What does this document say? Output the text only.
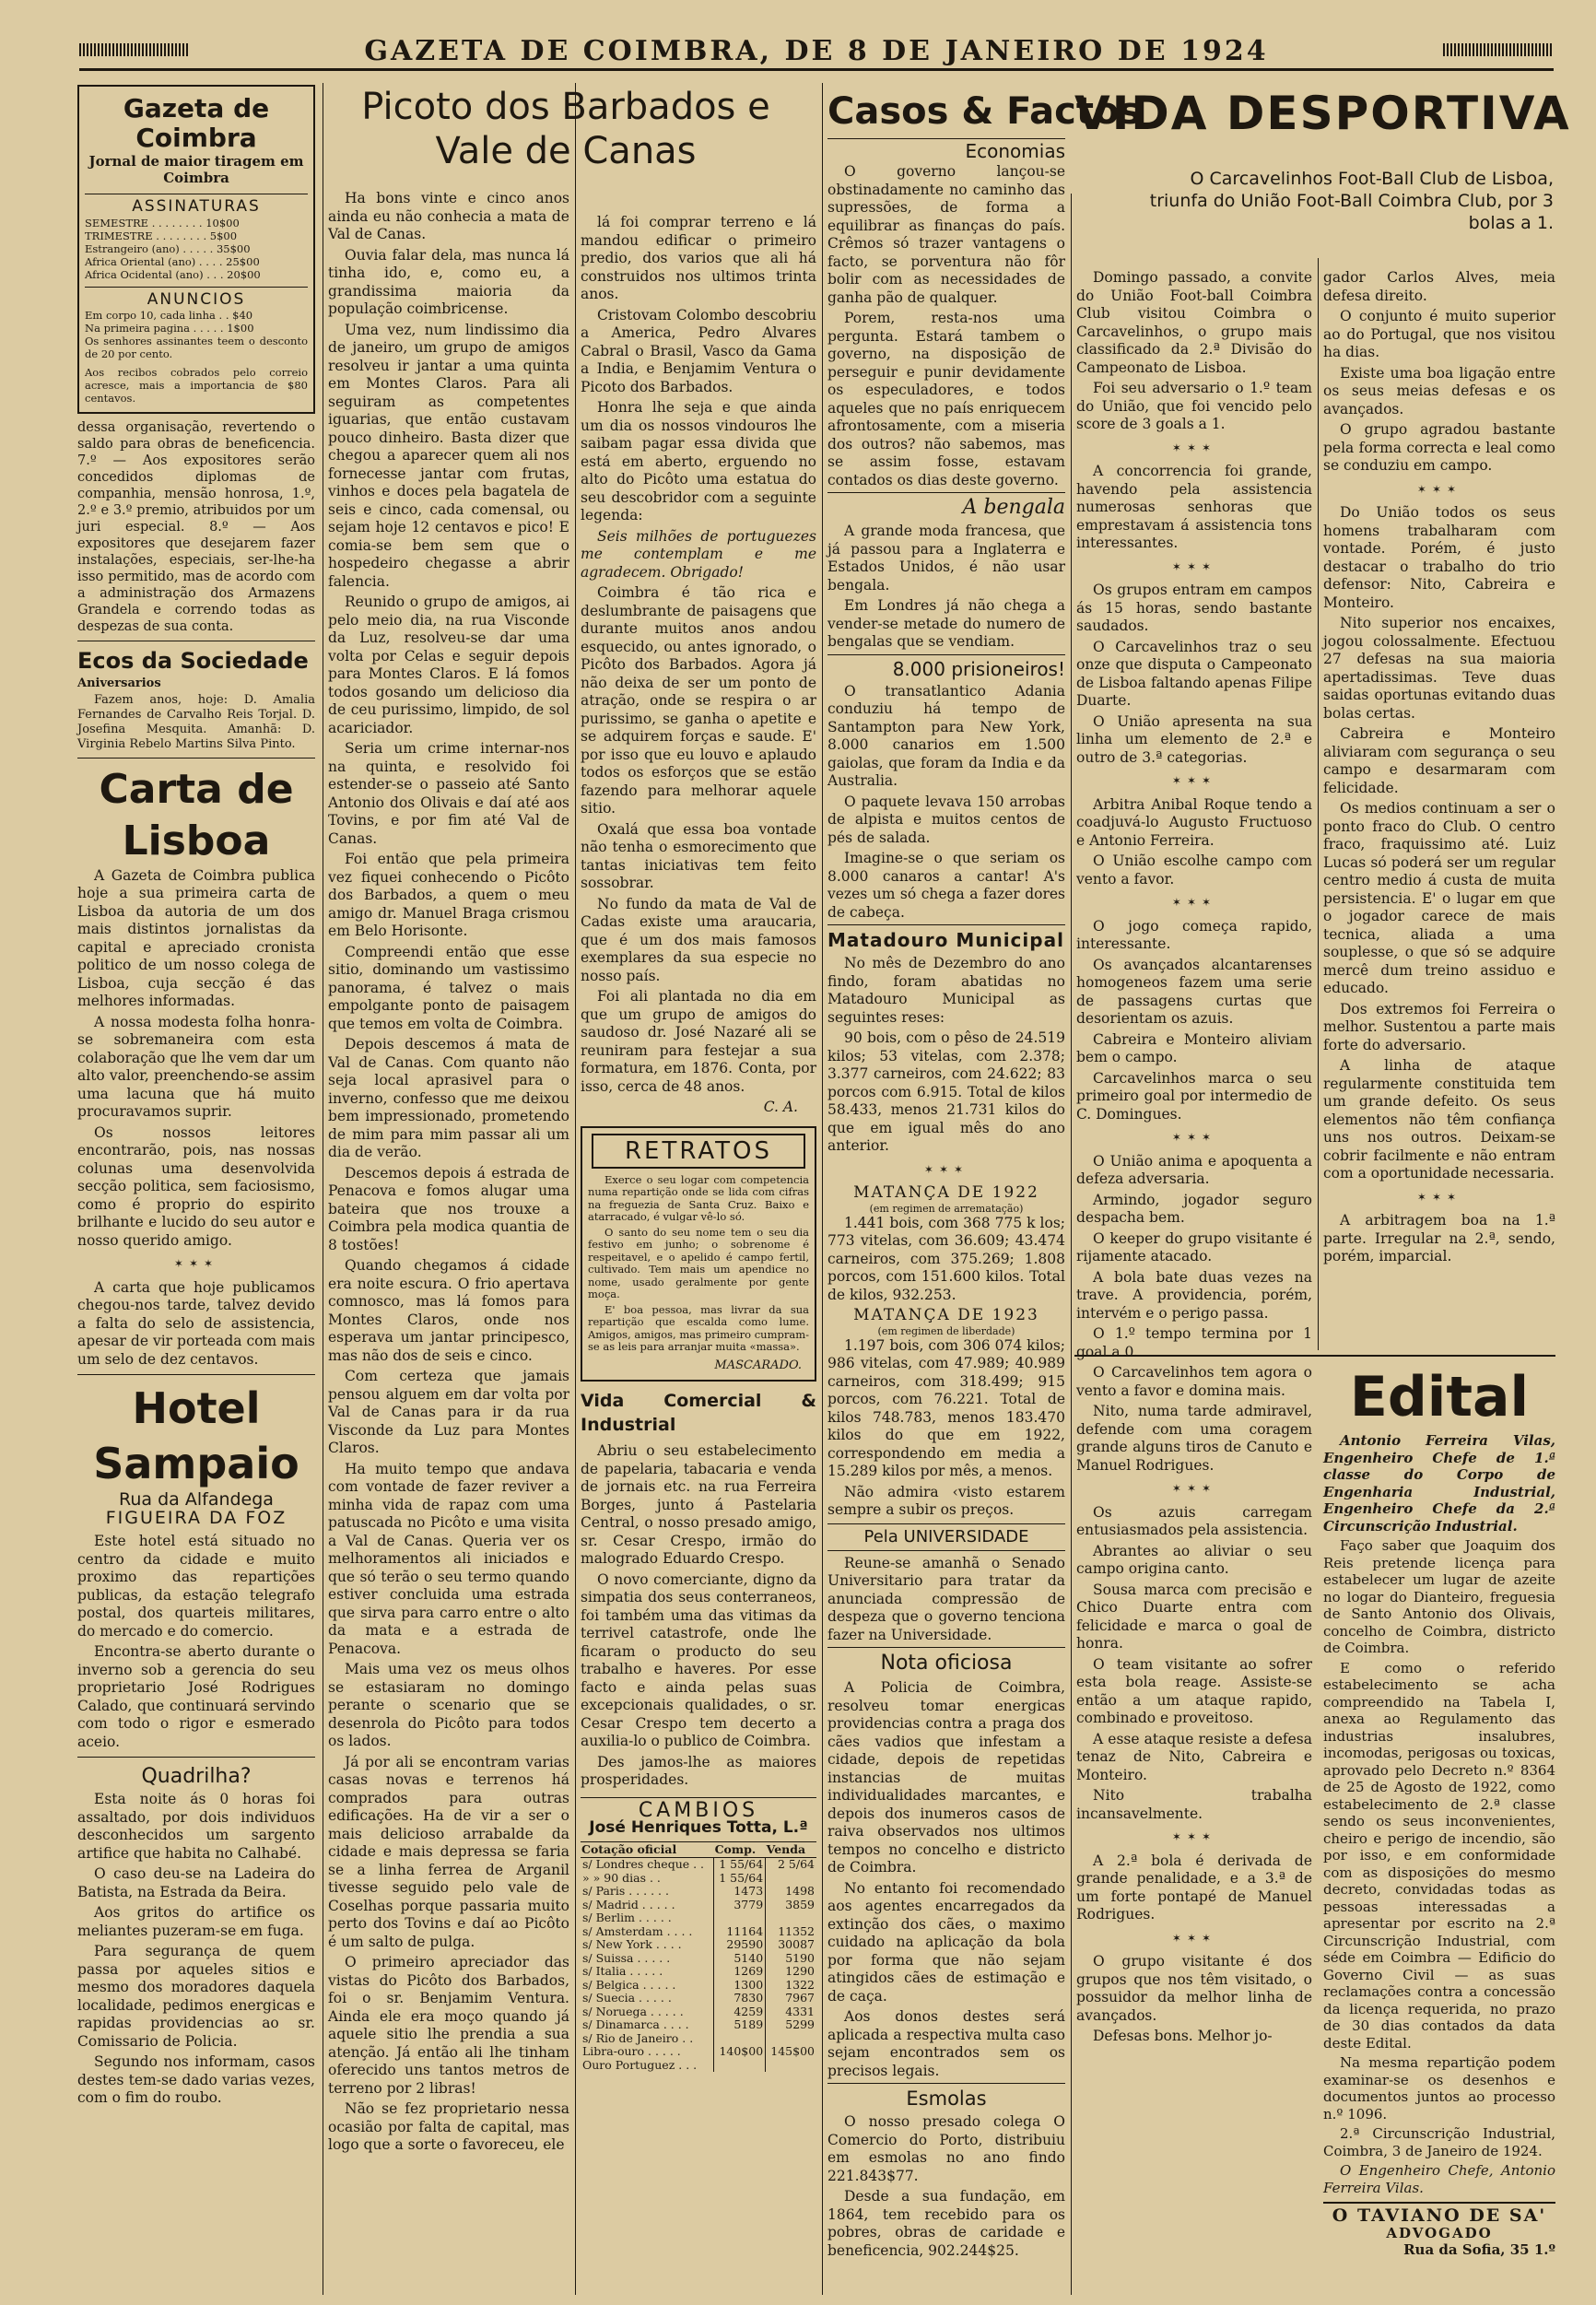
GAZETA DE COIMBRA, DE 8 DE JANEIRO DE 1924
Gazeta de Coimbra
Jornal de maior tiragem em Coimbra
ASSINATURAS
SEMESTRE . . . . . . . . 10$00
TRIMESTRE . . . . . . . . 5$00
Estrangeiro (ano) . . . . . 35$00
Africa Oriental (ano) . . . . 25$00
Africa Ocidental (ano) . . . 20$00
ANUNCIOS
Em corpo 10, cada linha . . $40
Na primeira pagina . . . . . 1$00
Os senhores assinantes teem o desconto de 20 por cento.
Aos recibos cobrados pelo correio acresce, mais a importancia de $80 centavos.

dessa organisação, revertendo o saldo para obras de beneficencia. 7.º — Aos expositores serão concedidos diplomas de companhia, mensão honrosa, 1.º, 2.º e 3.º premio, atribuidos por um juri especial. 8.º — Aos expositores que desejarem fazer instalações, especiais, ser-lhe-ha isso permitido, mas de acordo com a administração dos Armazens Grandela e correndo todas as despezas de sua conta.

Ecos da Sociedade
Aniversarios

Fazem anos, hoje: D. Amalia Fernandes de Carvalho Reis Torjal. D. Josefina Mesquita. Amanhã: D. Virginia Rebelo Martins Silva Pinto.

Carta de Lisboa

A Gazeta de Coimbra publica hoje a sua primeira carta de Lisboa da autoria de um dos mais distintos jornalistas da capital e apreciado cronista politico de um nosso colega de Lisboa, cuja secção é das melhores informadas.

A nossa modesta folha honra-se sobremaneira com esta colaboração que lhe vem dar um alto valor, preenchendo-se assim uma lacuna que há muito procuravamos suprir.

Os nossos leitores encontrarão, pois, nas nossas colunas uma desenvolvida secção politica, sem faciosismo, como é proprio do espirito brilhante e lucido do seu autor e nosso querido amigo.

✶✶✶

A carta que hoje publicamos chegou-nos tarde, talvez devido a falta do selo de assistencia, apesar de vir porteada com mais um selo de dez centavos.

Hotel Sampaio
Rua da Alfandega
FIGUEIRA DA FOZ

Este hotel está situado no centro da cidade e muito proximo das repartições publicas, da estação telegrafo postal, dos quarteis militares, do mercado e do comercio.

Encontra-se aberto durante o inverno sob a gerencia do seu proprietario José Rodrigues Calado, que continuará servindo com todo o rigor e esmerado aceio.

Quadrilha?

Esta noite ás 0 horas foi assaltado, por dois individuos desconhecidos um sargento artifice que habita no Calhabé.

O caso deu-se na Ladeira do Batista, na Estrada da Beira.

Aos gritos do artifice os meliantes puzeram-se em fuga.

Para segurança de quem passa por aqueles sitios e mesmo dos moradores daquela localidade, pedimos energicas e rapidas providencias ao sr. Comissario de Policia.

Segundo nos informam, casos destes tem-se dado varias vezes, com o fim do roubo.

Picoto dos Barbados e Vale de Canas

Ha bons vinte e cinco anos ainda eu não conhecia a mata de Val de Canas.

Ouvia falar dela, mas nunca lá tinha ido, e, como eu, a grandissima maioria da população coimbricense.

Uma vez, num lindissimo dia de janeiro, um grupo de amigos resolveu ir jantar a uma quinta em Montes Claros. Para ali seguiram as competentes iguarias, que então custavam pouco dinheiro. Basta dizer que chegou a aparecer quem ali nos fornecesse jantar com frutas, vinhos e doces pela bagatela de seis e cinco, cada comensal, ou sejam hoje 12 centavos e pico! E comia-se bem sem que o hospedeiro chegasse a abrir falencia.

Reunido o grupo de amigos, ai pelo meio dia, na rua Visconde da Luz, resolveu-se dar uma volta por Celas e seguir depois para Montes Claros. E lá fomos todos gosando um delicioso dia de ceu purissimo, limpido, de sol acariciador.

Seria um crime internar-nos na quinta, e resolvido foi estender-se o passeio até Santo Antonio dos Olivais e daí até aos Tovins, e por fim até Val de Canas.

Foi então que pela primeira vez fiquei conhecendo o Picôto dos Barbados, a quem o meu amigo dr. Manuel Braga crismou em Belo Horisonte.

Compreendi então que esse sitio, dominando um vastissimo panorama, é talvez o mais empolgante ponto de paisagem que temos em volta de Coimbra.

Depois descemos á mata de Val de Canas. Com quanto não seja local aprasivel para o inverno, confesso que me deixou bem impressionado, prometendo de mim para mim passar ali um dia de verão.

Descemos depois á estrada de Penacova e fomos alugar uma bateira que nos trouxe a Coimbra pela modica quantia de 8 tostões!

Quando chegamos á cidade era noite escura. O frio apertava comnosco, mas lá fomos para Montes Claros, onde nos esperava um jantar principesco, mas não dos de seis e cinco.

Com certeza que jamais pensou alguem em dar volta por Val de Canas para ir da rua Visconde da Luz para Montes Claros.

Ha muito tempo que andava com vontade de fazer reviver a minha vida de rapaz com uma patuscada no Picôto e uma visita a Val de Canas. Queria ver os melhoramentos ali iniciados e que só terão o seu termo quando estiver concluida uma estrada que sirva para carro entre o alto da mata e a estrada de Penacova.

Mais uma vez os meus olhos se estasiaram no domingo perante o scenario que se desenrola do Picôto para todos os lados.

Já por ali se encontram varias casas novas e terrenos há comprados para outras edificações. Ha de vir a ser o mais delicioso arrabalde da cidade e mais depressa se faria se a linha ferrea de Arganil tivesse seguido pelo vale de Coselhas porque passaria muito perto dos Tovins e daí ao Picôto é um salto de pulga.

O primeiro apreciador das vistas do Picôto dos Barbados, foi o sr. Benjamim Ventura. Ainda ele era moço quando já aquele sitio lhe prendia a sua atenção. Já então ali lhe tinham oferecido uns tantos metros de terreno por 2 libras!

Não se fez proprietario nessa ocasião por falta de capital, mas logo que a sorte o favoreceu, ele

lá foi comprar terreno e lá mandou edificar o primeiro predio, dos varios que ali há construidos nos ultimos trinta anos.

Cristovam Colombo descobriu a America, Pedro Alvares Cabral o Brasil, Vasco da Gama a India, e Benjamim Ventura o Picoto dos Barbados.

Honra lhe seja e que ainda um dia os nossos vindouros lhe saibam pagar essa divida que está em aberto, erguendo no alto do Picôto uma estatua do seu descobridor com a seguinte legenda:

Seis milhões de portuguezes me contemplam e me agradecem. Obrigado!

Coimbra é tão rica e deslumbrante de paisagens que durante muitos anos andou esquecido, ou antes ignorado, o Picôto dos Barbados. Agora já não deixa de ser um ponto de atração, onde se respira o ar purissimo, se ganha o apetite e se adquirem forças e saude. E' por isso que eu louvo e aplaudo todos os esforços que se estão fazendo para melhorar aquele sitio.

Oxalá que essa boa vontade não tenha o esmorecimento que tantas iniciativas tem feito sossobrar.

No fundo da mata de Val de Cadas existe uma araucaria, que é um dos mais famosos exemplares da sua especie no nosso país.

Foi ali plantada no dia em que um grupo de amigos do saudoso dr. José Nazaré ali se reuniram para festejar a sua formatura, em 1876. Conta, por isso, cerca de 48 anos.

C. A.
RETRATOS

Exerce o seu logar com competencia numa repartição onde se lida com cifras na freguezia de Santa Cruz. Baixo e atarracado, é vulgar vê-lo só.

O santo do seu nome tem o seu dia festivo em junho; o sobrenome é respeitavel, e o apelido é campo fertil, cultivado. Tem mais um apendice no nome, usado geralmente por gente moça.

E' boa pessoa, mas livrar da sua repartição que escalda como lume. Amigos, amigos, mas primeiro cumpram-se as leis para arranjar muita «massa».

MASCARADO.
Vida Comercial & Industrial

Abriu o seu estabelecimento de papelaria, tabacaria e venda de jornais etc. na rua Ferreira Borges, junto á Pastelaria Central, o nosso presado amigo, sr. Cesar Crespo, irmão do malogrado Eduardo Crespo.

O novo comerciante, digno da simpatia dos seus conterraneos, foi também uma das vitimas da terrivel catastrofe, onde lhe ficaram o producto do seu trabalho e haveres. Por esse facto e ainda pelas suas excepcionais qualidades, o sr. Cesar Crespo tem decerto a auxilia-lo o publico de Coimbra.

Des jamos-lhe as maiores prosperidades.

CAMBIOS
José Henriques Totta, L.ª
Cotação oficial	Comp.	Venda
s/ Londres cheque . .	1 55/64	2 5/64
» » 90 dias . .	1 55/64	
s/ Paris . . . . . .	1473	1498
s/ Madrid . . . . .	3779	3859
s/ Berlim . . . . .		
s/ Amsterdam . . . .	11164	11352
s/ New York . . . .	29590	30087
s/ Suissa . . . . .	5140	5190
s/ Italia . . . . .	1269	1290
s/ Belgica . . . . .	1300	1322
s/ Suecia . . . . .	7830	7967
s/ Noruega . . . . .	4259	4331
s/ Dinamarca . . . .	5189	5299
s/ Rio de Janeiro . .		
Libra-ouro . . . . .	140$00	145$00
Ouro Portuguez . . .		
Casos & Factos
Economias

O governo lançou-se obstinadamente no caminho das supressões, de forma a equilibrar as finanças do país. Crêmos só trazer vantagens o facto, se porventura não fôr bolir com as necessidades de ganha pão de qualquer.

Porem, resta-nos uma pergunta. Estará tambem o governo, na disposição de perseguir e punir devidamente os especuladores, e todos aqueles que no país enriquecem afrontosamente, com a miseria dos outros? não sabemos, mas se assim fosse, estavam contados os dias deste governo.

A bengala

A grande moda francesa, que já passou para a Inglaterra e Estados Unidos, é não usar bengala.

Em Londres já não chega a vender-se metade do numero de bengalas que se vendiam.

8.000 prisioneiros!

O transatlantico Adania conduziu há tempo de Santampton para New York, 8.000 canarios em 1.500 gaiolas, que foram da India e da Australia.

O paquete levava 150 arrobas de alpista e muitos centos de pés de salada.

Imagine-se o que seriam os 8.000 canaros a cantar! A's vezes um só chega a fazer dores de cabeça.

Matadouro Municipal

No mês de Dezembro do ano findo, foram abatidas no Matadouro Municipal as seguintes reses:

90 bois, com o pêso de 24.519 kilos; 53 vitelas, com 2.378; 3.377 carneiros, com 24.622; 83 porcos com 6.915. Total de kilos 58.433, menos 21.731 kilos do que em igual mês do ano anterior.

✶✶✶
MATANÇA DE 1922
(em regimen de arrematação)

1.441 bois, com 368 775 k los; 773 vitelas, com 36.609; 43.474 carneiros, com 375.269; 1.808 porcos, com 151.600 kilos. Total de kilos, 932.253.

MATANÇA DE 1923
(em regimen de liberdade)

1.197 bois, com 306 074 kilos; 986 vitelas, com 47.989; 40.989 carneiros, com 318.499; 915 porcos, com 76.221. Total de kilos 748.783, menos 183.470 kilos do que em 1922, correspondendo em media a 15.289 kilos por mês, a menos.

Não admira ‹visto estarem sempre a subir os preços.

Pela UNIVERSIDADE

Reune-se amanhã o Senado Universitario para tratar da anunciada compressão de despeza que o governo tenciona fazer na Universidade.

Nota oficiosa

A Policia de Coimbra, resolveu tomar energicas providencias contra a praga dos cães vadios que infestam a cidade, depois de repetidas instancias de muitas individualidades marcantes, e depois dos inumeros casos de raiva observados nos ultimos tempos no concelho e districto de Coimbra.

No entanto foi recomendado aos agentes encarregados da extinção dos cães, o maximo cuidado na aplicação da bola por forma que não sejam atingidos cães de estimação e de caça.

Aos donos destes será aplicada a respectiva multa caso sejam encontrados sem os precisos legais.

Esmolas

O nosso presado colega O Comercio do Porto, distribuiu em esmolas no ano findo 221.843$77.

Desde a sua fundação, em 1864, tem recebido para os pobres, obras de caridade e beneficencia, 902.244$25.

VIDA DESPORTIVA
O Carcavelinhos Foot-Ball Club de Lisboa, triunfa do União Foot-Ball Coimbra Club, por 3 bolas a 1.

Domingo passado, a convite do União Foot-ball Coimbra Club visitou Coimbra o Carcavelinhos, o grupo mais classificado da 2.ª Divisão do Campeonato de Lisboa.

Foi seu adversario o 1.º team do União, que foi vencido pelo score de 3 goals a 1.

✶✶✶

A concorrencia foi grande, havendo pela assistencia numerosas senhoras que emprestavam á assistencia tons interessantes.

✶✶✶

Os grupos entram em campos ás 15 horas, sendo bastante saudados.

O Carcavelinhos traz o seu onze que disputa o Campeonato de Lisboa faltando apenas Filipe Duarte.

O União apresenta na sua linha um elemento de 2.ª e outro de 3.ª categorias.

✶✶✶

Arbitra Anibal Roque tendo a coadjuvá-lo Augusto Fructuoso e Antonio Ferreira.

O União escolhe campo com vento a favor.

✶✶✶

O jogo começa rapido, interessante.

Os avançados alcantarenses homogeneos fazem uma serie de passagens curtas que desorientam os azuis.

Cabreira e Monteiro aliviam bem o campo.

Carcavelinhos marca o seu primeiro goal por intermedio de C. Domingues.

✶✶✶

O União anima e apoquenta a defeza adversaria.

Armindo, jogador seguro despacha bem.

O keeper do grupo visitante é rijamente atacado.

A bola bate duas vezes na trave. A providencia, porém, intervém e o perigo passa.

O 1.º tempo termina por 1 goal a 0.

O Carcavelinhos tem agora o vento a favor e domina mais.

Nito, numa tarde admiravel, defende com uma coragem grande alguns tiros de Canuto e Manuel Rodrigues.

✶✶✶

Os azuis carregam entusiasmados pela assistencia.

Abrantes ao aliviar o seu campo origina canto.

Sousa marca com precisão e Chico Duarte entra com felicidade e marca o goal de honra.

O team visitante ao sofrer esta bola reage. Assiste-se então a um ataque rapido, combinado e proveitoso.

A esse ataque resiste a defesa tenaz de Nito, Cabreira e Monteiro.

Nito trabalha incansavelmente.

✶✶✶

A 2.ª bola é derivada de grande penalidade, e a 3.ª de um forte pontapé de Manuel Rodrigues.

✶✶✶

O grupo visitante é dos grupos que nos têm visitado, o possuidor da melhor linha de avançados.

Defesas bons. Melhor jo-

gador Carlos Alves, meia defesa direito.

O conjunto é muito superior ao do Portugal, que nos visitou ha dias.

Existe uma boa ligação entre os seus meias defesas e os avançados.

O grupo agradou bastante pela forma correcta e leal como se conduziu em campo.

✶✶✶

Do União todos os seus homens trabalharam com vontade. Porém, é justo destacar o trabalho do trio defensor: Nito, Cabreira e Monteiro.

Nito superior nos encaixes, jogou colossalmente. Efectuou 27 defesas na sua maioria apertadissimas. Teve duas saidas oportunas evitando duas bolas certas.

Cabreira e Monteiro aliviaram com segurança o seu campo e desarmaram com felicidade.

Os medios continuam a ser o ponto fraco do Club. O centro fraco, fraquissimo até. Luiz Lucas só poderá ser um regular centro medio á custa de muita persistencia. E' o lugar em que o jogador carece de mais tecnica, aliada a uma souplesse, o que só se adquire mercê dum treino assiduo e educado.

Dos extremos foi Ferreira o melhor. Sustentou a parte mais forte do adversario.

A linha de ataque regularmente constituida tem um grande defeito. Os seus elementos não têm confiança uns nos outros. Deixam-se cobrir facilmente e não entram com a oportunidade necessaria.

✶✶✶

A arbitragem boa na 1.ª parte. Irregular na 2.ª, sendo, porém, imparcial.

Edital

Antonio Ferreira Vilas, Engenheiro Chefe de 1.ª classe do Corpo de Engenharia Industrial, Engenheiro Chefe da 2.ª Circunscrição Industrial.

Faço saber que Joaquim dos Reis pretende licença para estabelecer um lugar de azeite no logar do Dianteiro, freguesia de Santo Antonio dos Olivais, concelho de Coimbra, districto de Coimbra.

E como o referido estabelecimento se acha compreendido na Tabela I, anexa ao Regulamento das industrias insalubres, incomodas, perigosas ou toxicas, aprovado pelo Decreto n.º 8364 de 25 de Agosto de 1922, como estabelecimento de 2.ª classe sendo os seus inconvenientes, cheiro e perigo de incendio, são por isso, e em conformidade com as disposições do mesmo decreto, convidadas todas as pessoas interessadas a apresentar por escrito na 2.ª Circunscrição Industrial, com séde em Coimbra — Edificio do Governo Civil — as suas reclamações contra a concessão da licença requerida, no prazo de 30 dias contados da data deste Edital.

Na mesma repartição podem examinar-se os desenhos e documentos juntos ao processo n.º 1096.

2.ª Circunscrição Industrial, Coimbra, 3 de Janeiro de 1924.

O Engenheiro Chefe, Antonio Ferreira Vilas.

O TAVIANO DE SA'
ADVOGADO
Rua da Sofia, 35 1.º
